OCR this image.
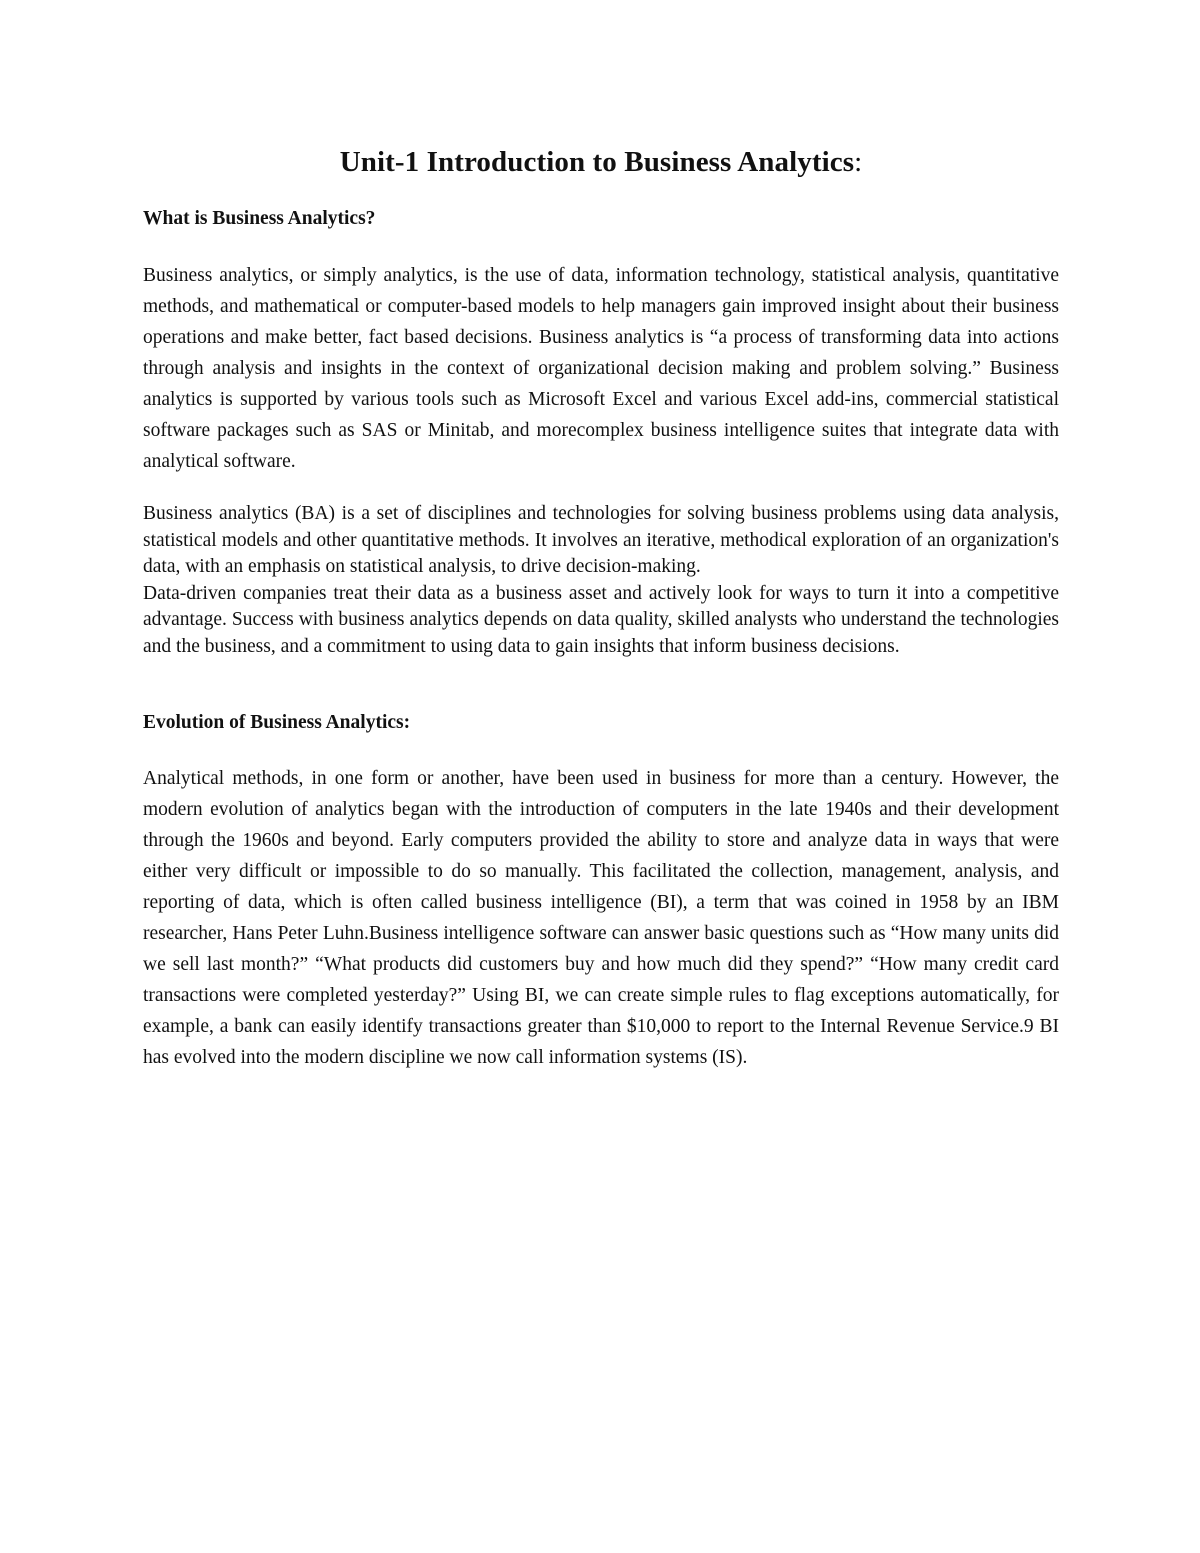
Unit-1 Introduction to Business Analytics:
What is Business Analytics?

Business analytics, or simply analytics, is the use of data, information technology, statistical analysis, quantitative methods, and mathematical or computer-based models to help managers gain improved insight about their business operations and make better, fact based decisions. Business analytics is “a process of transforming data into actions through analysis and insights in the context of organizational decision making and problem solving.” Business analytics is supported by various tools such as Microsoft Excel and various Excel add-ins, commercial statistical software packages such as SAS or Minitab, and morecomplex business intelligence suites that integrate data with analytical software.

Business analytics (BA) is a set of disciplines and technologies for solving business problems using data analysis, statistical models and other quantitative methods. It involves an iterative, methodical exploration of an organization's data, with an emphasis on statistical analysis, to drive decision-making.

Data-driven companies treat their data as a business asset and actively look for ways to turn it into a competitive advantage. Success with business analytics depends on data quality, skilled analysts who understand the technologies and the business, and a commitment to using data to gain insights that inform business decisions.

Evolution of Business Analytics:

Analytical methods, in one form or another, have been used in business for more than a century. However, the modern evolution of analytics began with the introduction of computers in the late 1940s and their development through the 1960s and beyond. Early computers provided the ability to store and analyze data in ways that were either very difficult or impossible to do so manually. This facilitated the collection, management, analysis, and reporting of data, which is often called business intelligence (BI), a term that was coined in 1958 by an IBM researcher, Hans Peter Luhn.Business intelligence software can answer basic questions such as “How many units did we sell last month?” “What products did customers buy and how much did they spend?” “How many credit card transactions were completed yesterday?” Using BI, we can create simple rules to flag exceptions automatically, for example, a bank can easily identify transactions greater than $10,000 to report to the Internal Revenue Service.9 BI has evolved into the modern discipline we now call information systems (IS).
